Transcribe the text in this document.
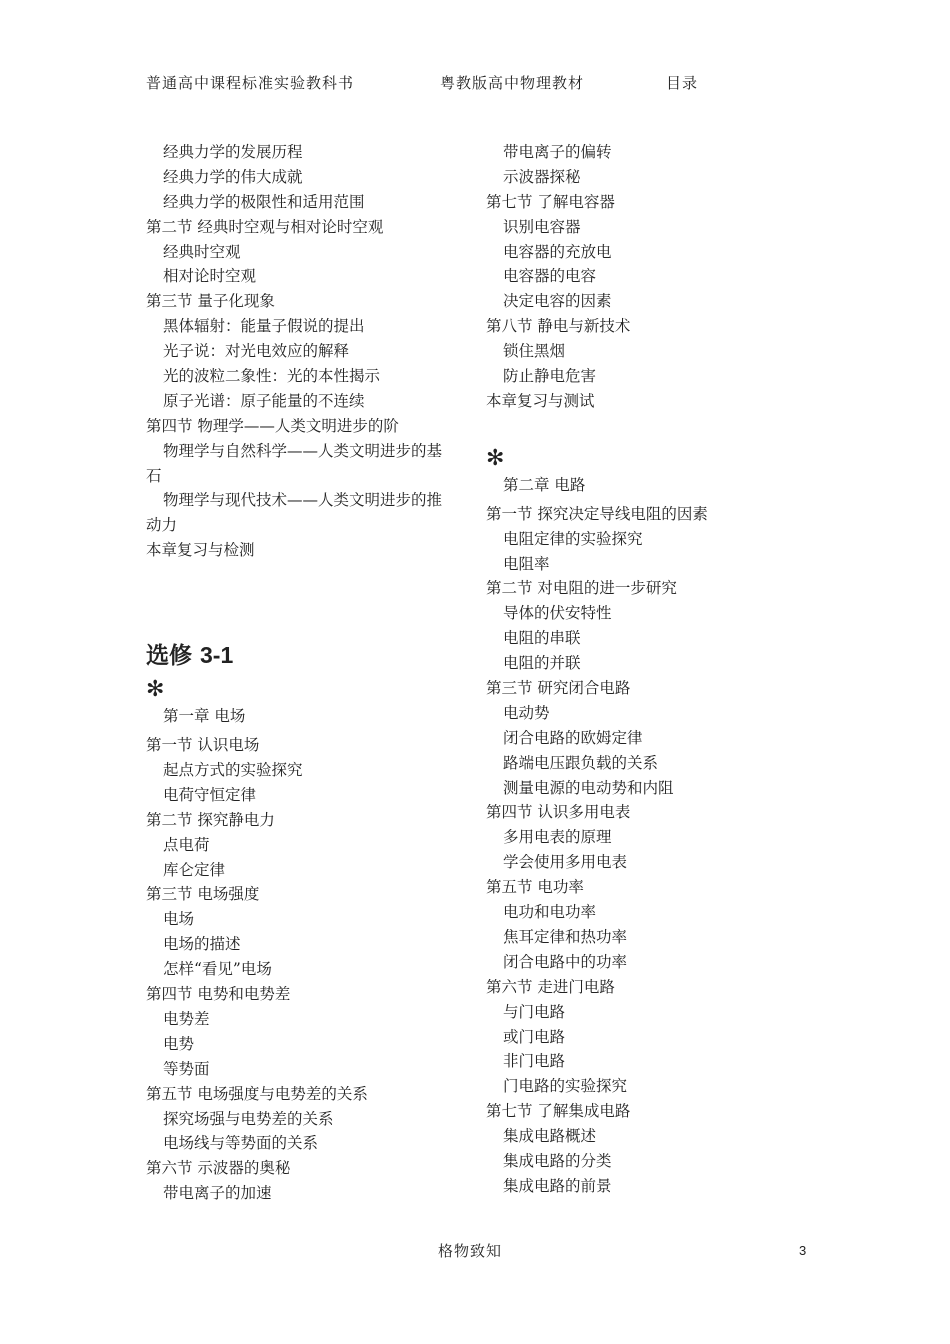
普通高中课程标准实验教科书	粤教版高中物理教材	目录
经典力学的发展历程
经典力学的伟大成就
经典力学的极限性和适用范围
第二节 经典时空观与相对论时空观
经典时空观
相对论时空观
第三节 量子化现象
黑体辐射：能量子假说的提出
光子说：对光电效应的解释
光的波粒二象性：光的本性揭示
原子光谱：原子能量的不连续
第四节 物理学——人类文明进步的阶
物理学与自然科学——人类文明进步的基
石
物理学与现代技术——人类文明进步的推
动力
本章复习与检测
选修 3-1
✻
第一章 电场
第一节 认识电场
起点方式的实验探究
电荷守恒定律
第二节 探究静电力
点电荷
库仑定律
第三节 电场强度
电场
电场的描述
怎样“看见”电场
第四节 电势和电势差
电势差
电势
等势面
第五节 电场强度与电势差的关系
探究场强与电势差的关系
电场线与等势面的关系
第六节 示波器的奥秘
带电离子的加速
带电离子的偏转
示波器探秘
第七节 了解电容器
识别电容器
电容器的充放电
电容器的电容
决定电容的因素
第八节 静电与新技术
锁住黑烟
防止静电危害
本章复习与测试
✻
第二章 电路
第一节 探究决定导线电阻的因素
电阻定律的实验探究
电阻率
第二节 对电阻的进一步研究
导体的伏安特性
电阻的串联
电阻的并联
第三节 研究闭合电路
电动势
闭合电路的欧姆定律
路端电压跟负载的关系
测量电源的电动势和内阻
第四节 认识多用电表
多用电表的原理
学会使用多用电表
第五节 电功率
电功和电功率
焦耳定律和热功率
闭合电路中的功率
第六节 走进门电路
与门电路
或门电路
非门电路
门电路的实验探究
第七节 了解集成电路
集成电路概述
集成电路的分类
集成电路的前景
格物致知	3
